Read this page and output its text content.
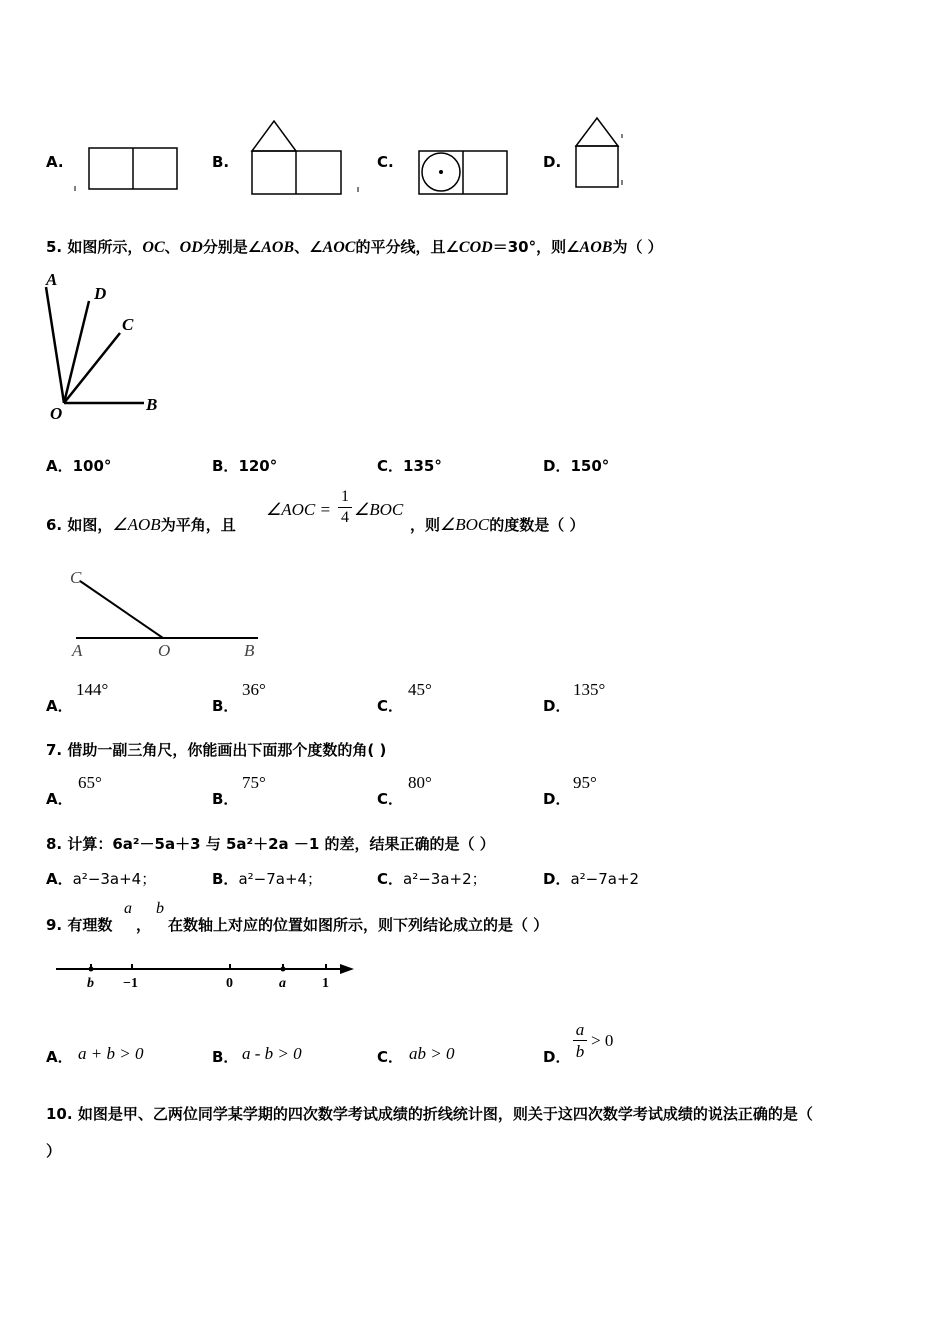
A.	B.	C.	D.
5. 如图所示，OC、OD分别是∠AOB、∠AOC的平分线，且∠COD＝30°，则∠AOB为（ ）
A
D
C
O	B
A．100°	B．120°	C．135°	D．150°
6. 如图，∠AOB为平角，且
∠AOC =
1
4 ∠BOC
，则∠BOC的度数是（ ）
C
A	O	B
A．
144°
B．
36°
C．
45°
D．
135°
7. 借助一副三角尺，你能画出下面那个度数的角( )
A．
65°
B．
75°
C．
80°
D．
95°
8. 计算：6a²－5a＋3 与 5a²＋2a －1 的差，结果正确的是（ ）
A．a²−3a+4；	B．a²−7a+4；	C．a²−3a+2；	D．a²−7a+2
9. 有理数
a
，
b
在数轴上对应的位置如图所示，则下列结论成立的是（ ）
b −1	0	a	1
A． a + b > 0	B． a - b > 0	C． ab > 0	D．
a
b
> 0
10. 如图是甲、乙两位同学某学期的四次数学考试成绩的折线统计图，则关于这四次数学考试成绩的说法正确的是（
）
